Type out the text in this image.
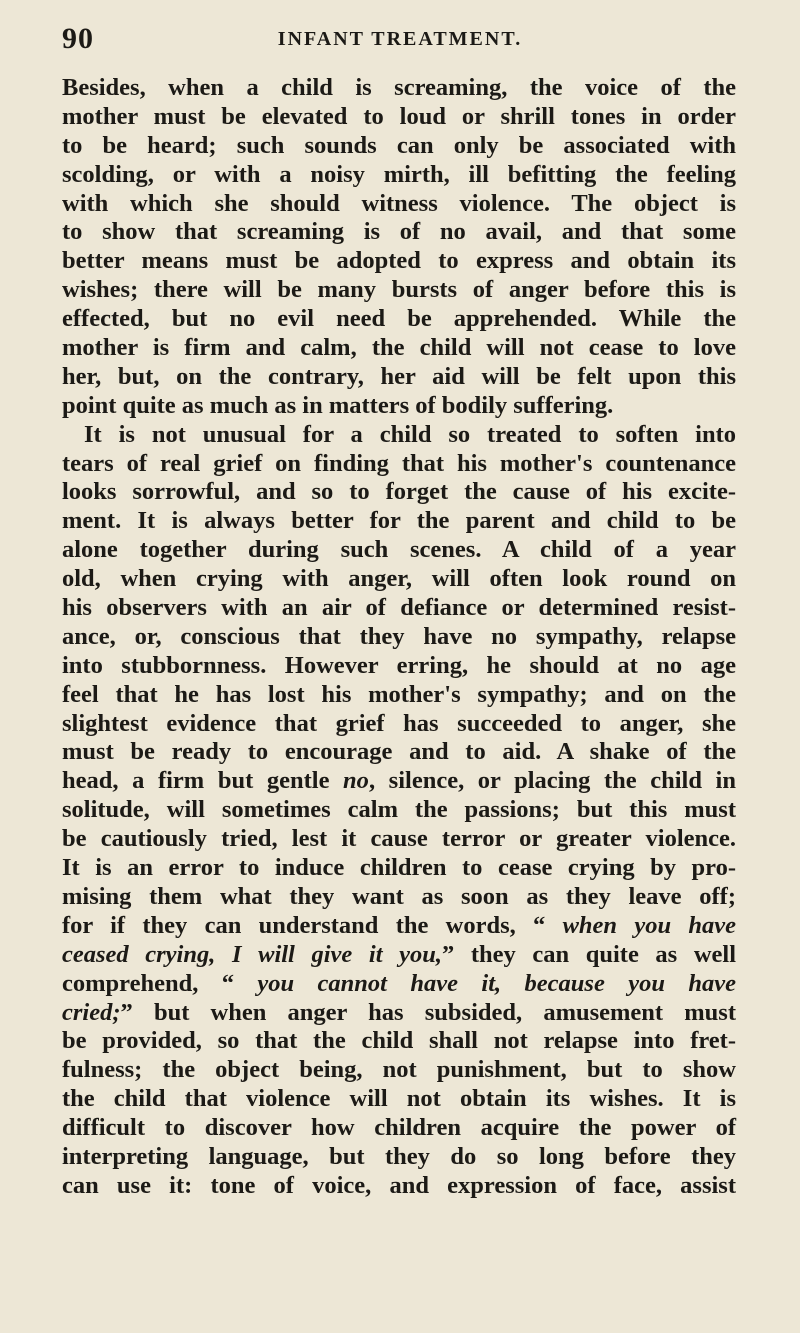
90	INFANT TREATMENT.
Besides, when a child is screaming, the voice of the
mother must be elevated to loud or shrill tones in order
to be heard; such sounds can only be associated with
scolding, or with a noisy mirth, ill befitting the feeling
with which she should witness violence. The object is
to show that screaming is of no avail, and that some
better means must be adopted to express and obtain its
wishes; there will be many bursts of anger before this is
effected, but no evil need be apprehended. While the
mother is firm and calm, the child will not cease to love
her, but, on the contrary, her aid will be felt upon this
point quite as much as in matters of bodily suffering.
It is not unusual for a child so treated to soften into
tears of real grief on finding that his mother's countenance
looks sorrowful, and so to forget the cause of his excite-
ment. It is always better for the parent and child to be
alone together during such scenes. A child of a year
old, when crying with anger, will often look round on
his observers with an air of defiance or determined resist-
ance, or, conscious that they have no sympathy, relapse
into stubbornness. However erring, he should at no age
feel that he has lost his mother's sympathy; and on the
slightest evidence that grief has succeeded to anger, she
must be ready to encourage and to aid. A shake of the
head, a firm but gentle no, silence, or placing the child in
solitude, will sometimes calm the passions; but this must
be cautiously tried, lest it cause terror or greater violence.
It is an error to induce children to cease crying by pro-
mising them what they want as soon as they leave off;
for if they can understand the words, “ when you have
ceased crying, I will give it you,” they can quite as well
comprehend, “ you cannot have it, because you have
cried;” but when anger has subsided, amusement must
be provided, so that the child shall not relapse into fret-
fulness; the object being, not punishment, but to show
the child that violence will not obtain its wishes. It is
difficult to discover how children acquire the power of
interpreting language, but they do so long before they
can use it: tone of voice, and expression of face, assist
